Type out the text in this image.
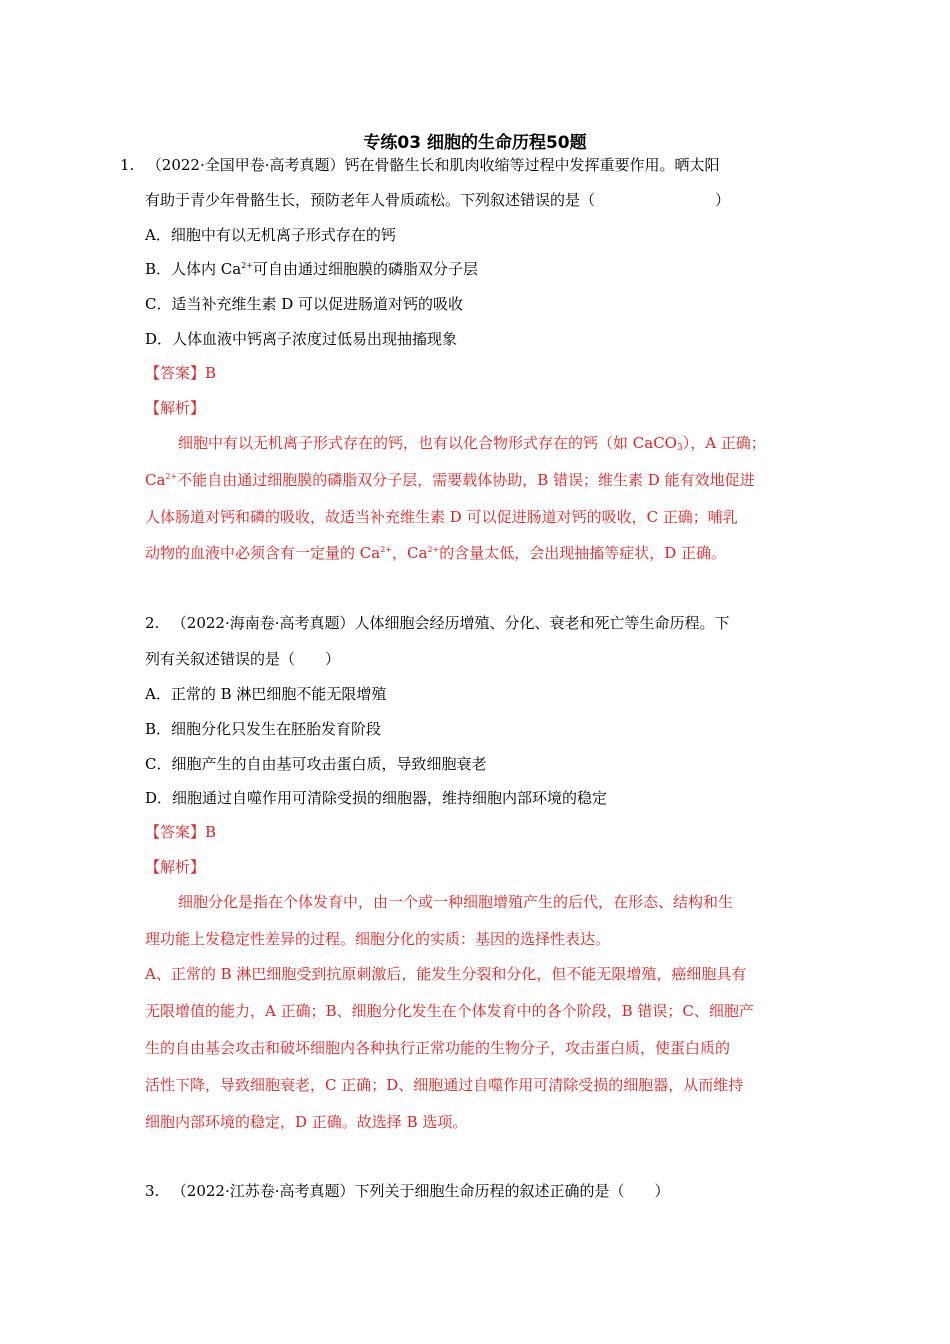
专练03 细胞的生命历程50题
1. （2022·全国甲卷·高考真题）钙在骨骼生长和肌肉收缩等过程中发挥重要作用。晒太阳
有助于青少年骨骼生长，预防老年人骨质疏松。下列叙述错误的是（　　　　　　　　）
A．细胞中有以无机离子形式存在的钙
B．人体内 $Ca^{2+}$可自由通过细胞膜的磷脂双分子层
C．适当补充维生素 D 可以促进肠道对钙的吸收
D．人体血液中钙离子浓度过低易出现抽搐现象
【答案】B
【解析】
细胞中有以无机离子形式存在的钙，也有以化合物形式存在的钙（如 CaCO$_3$），A 正确；
$Ca^{2+}$不能自由通过细胞膜的磷脂双分子层，需要载体协助，B 错误；维生素 D 能有效地促进
人体肠道对钙和磷的吸收，故适当补充维生素 D 可以促进肠道对钙的吸收，C 正确；哺乳
动物的血液中必须含有一定量的 $Ca^{2+}$，$Ca^{2+}$的含量太低，会出现抽搐等症状，D 正确。
2. （2022·海南卷·高考真题）人体细胞会经历增殖、分化、衰老和死亡等生命历程。下
列有关叙述错误的是（　　）
A．正常的 B 淋巴细胞不能无限增殖
B．细胞分化只发生在胚胎发育阶段
C．细胞产生的自由基可攻击蛋白质，导致细胞衰老
D．细胞通过自噬作用可清除受损的细胞器，维持细胞内部环境的稳定
【答案】B
【解析】
细胞分化是指在个体发育中，由一个或一种细胞增殖产生的后代，在形态、结构和生
理功能上发稳定性差异的过程。细胞分化的实质：基因的选择性表达。
A、正常的 B 淋巴细胞受到抗原刺激后，能发生分裂和分化，但不能无限增殖，癌细胞具有
无限增值的能力，A 正确；B、细胞分化发生在个体发育中的各个阶段，B 错误；C、细胞产
生的自由基会攻击和破坏细胞内各种执行正常功能的生物分子，攻击蛋白质，使蛋白质的
活性下降，导致细胞衰老，C 正确；D、细胞通过自噬作用可清除受损的细胞器，从而维持
细胞内部环境的稳定，D 正确。故选择 B 选项。
3. （2022·江苏卷·高考真题）下列关于细胞生命历程的叙述正确的是（　　）
